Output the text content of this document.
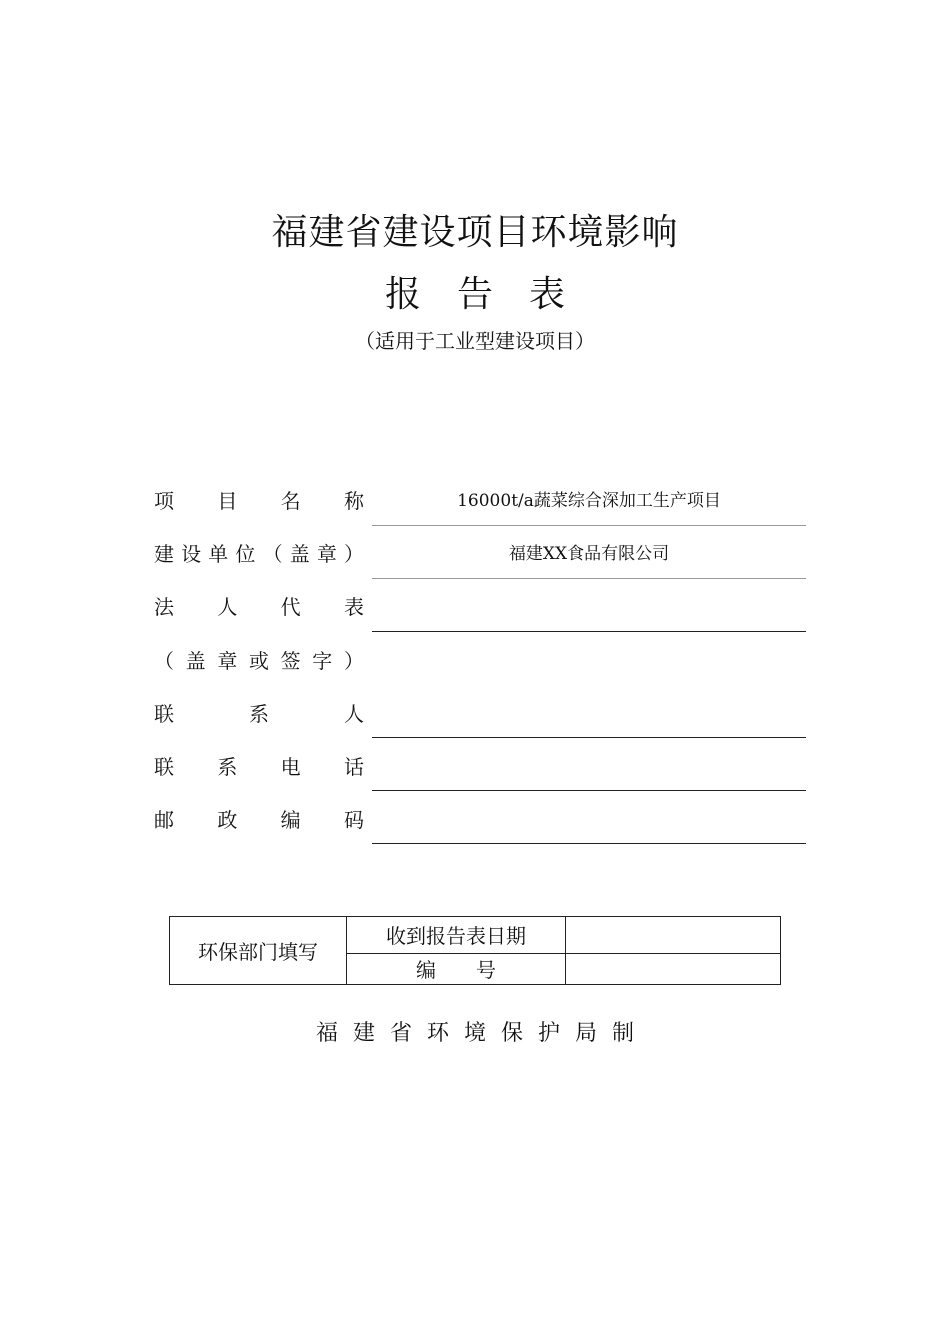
福建省建设项目环境影响
报告表
（适用于工业型建设项目）
项 目 名 称	16000t/a蔬菜综合深加工生产项目
建 设 单 位 （ 盖 章 ）	福建XX食品有限公司
法 人 代 表
（ 盖 章 或 签 字 ）
联	系	人
联 系 电 话
邮 政 编 码
环保部门填写	收到报告表日期	
	编　　号	
福建省环境保护局制
